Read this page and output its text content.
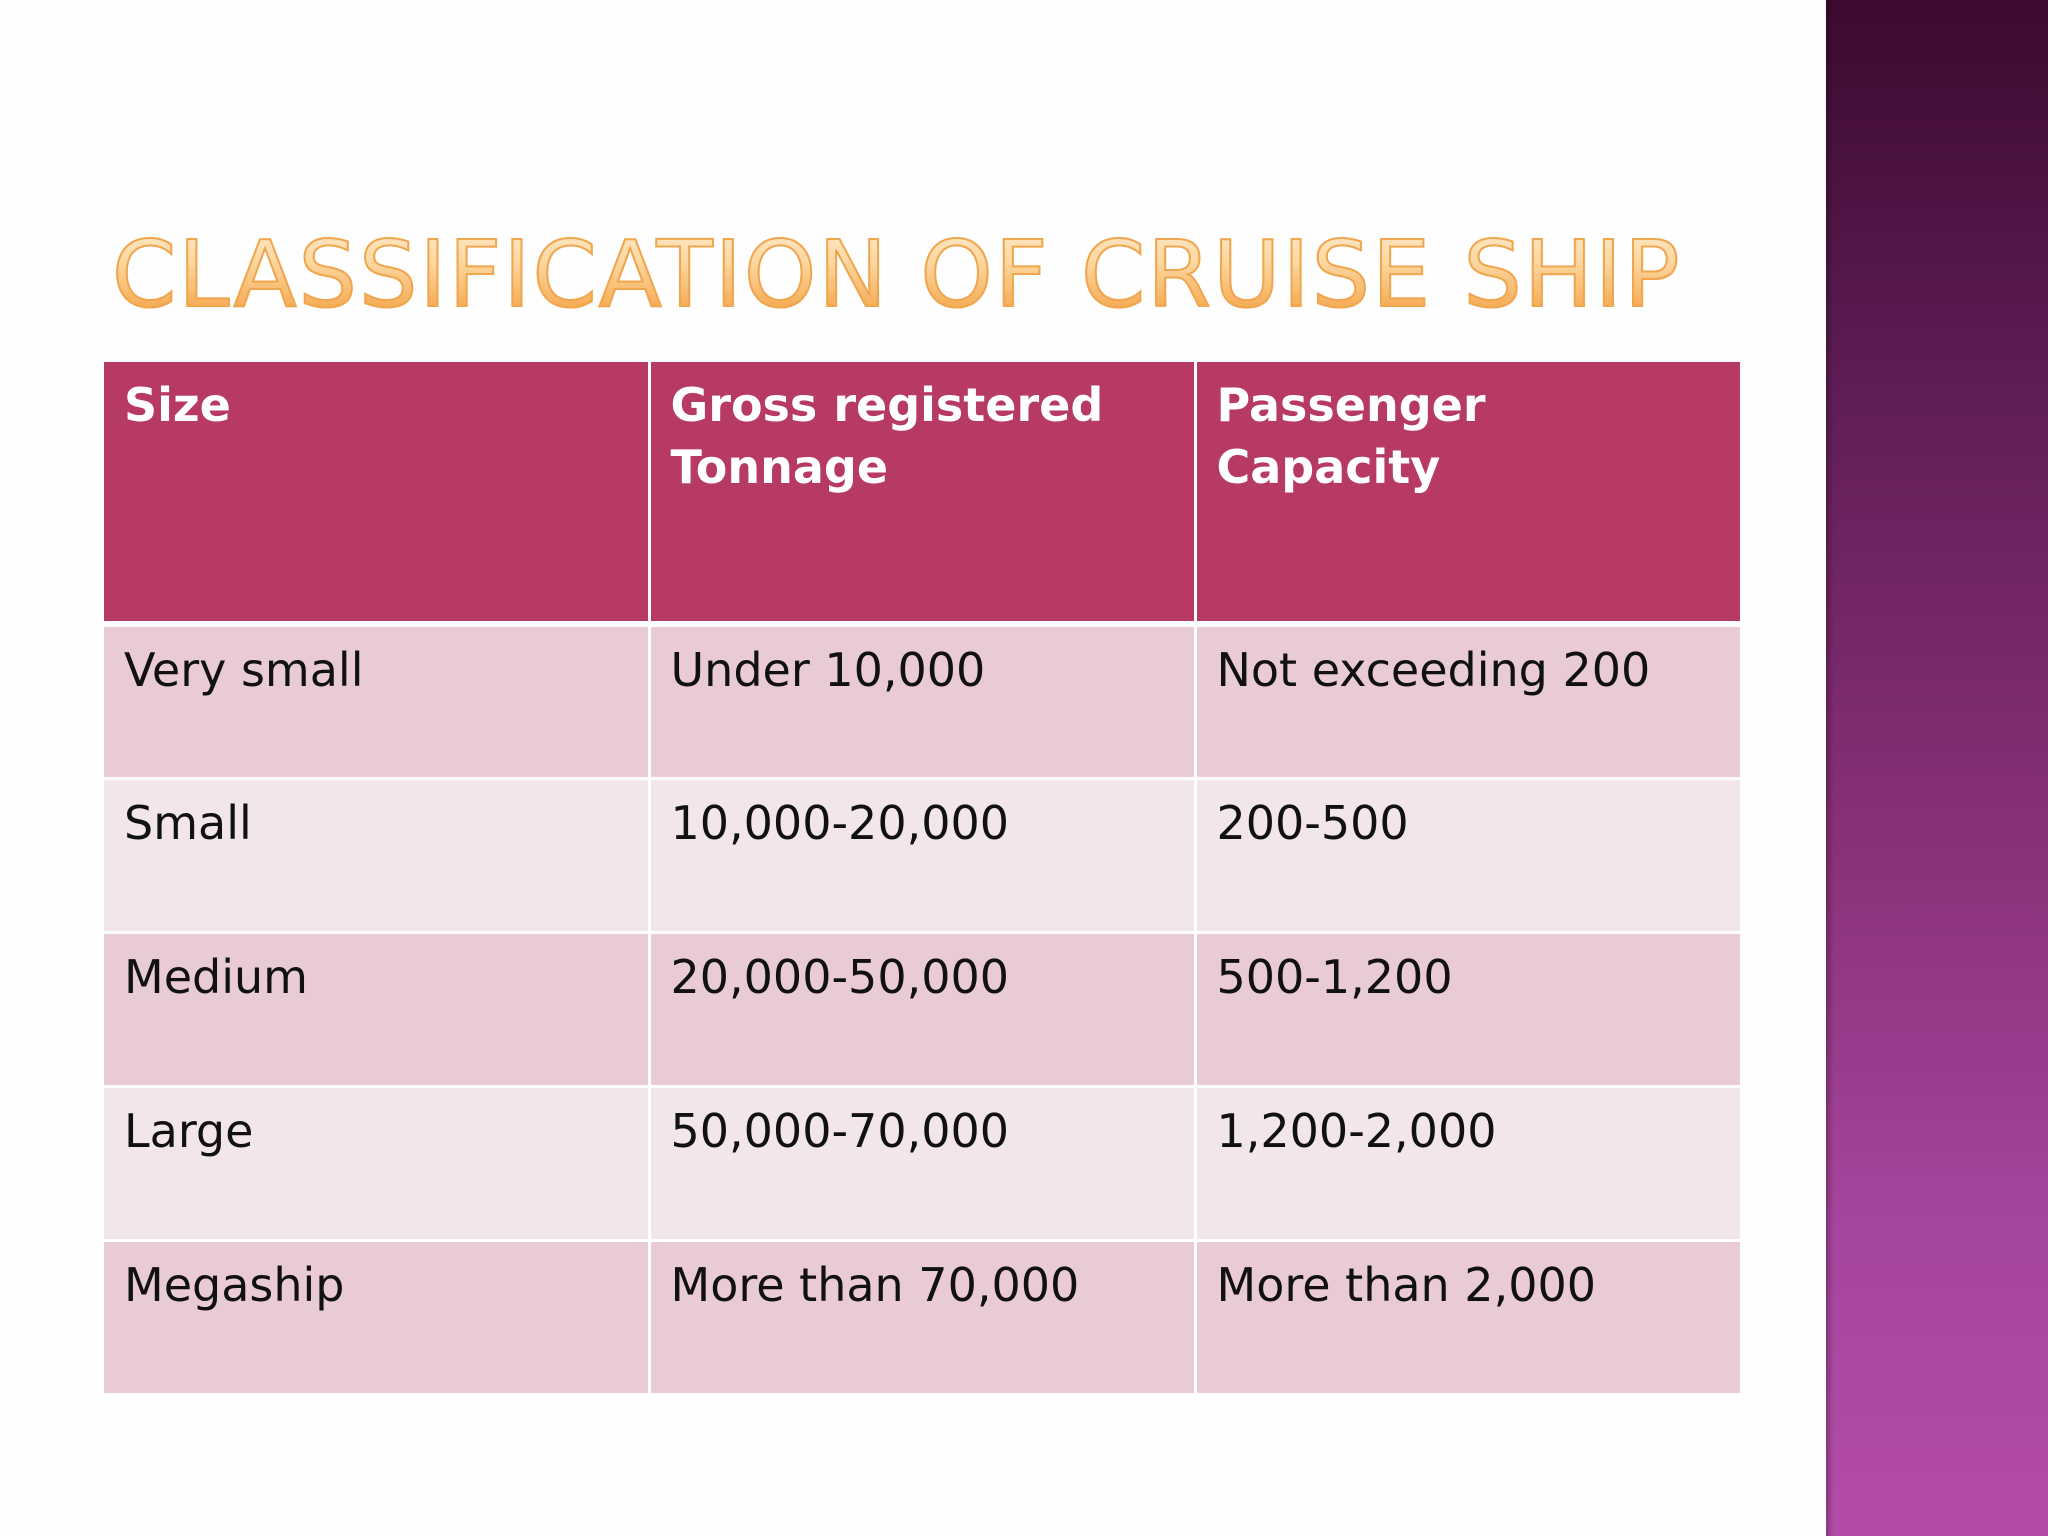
CLASSIFICATION OF CRUISE SHIP
Size	Gross registered Tonnage	Passenger Capacity
Very small	Under 10,000	Not exceeding 200
Small	10,000-20,000	200-500
Medium	20,000-50,000	500-1,200
Large	50,000-70,000	1,200-2,000
Megaship	More than 70,000	More than 2,000
